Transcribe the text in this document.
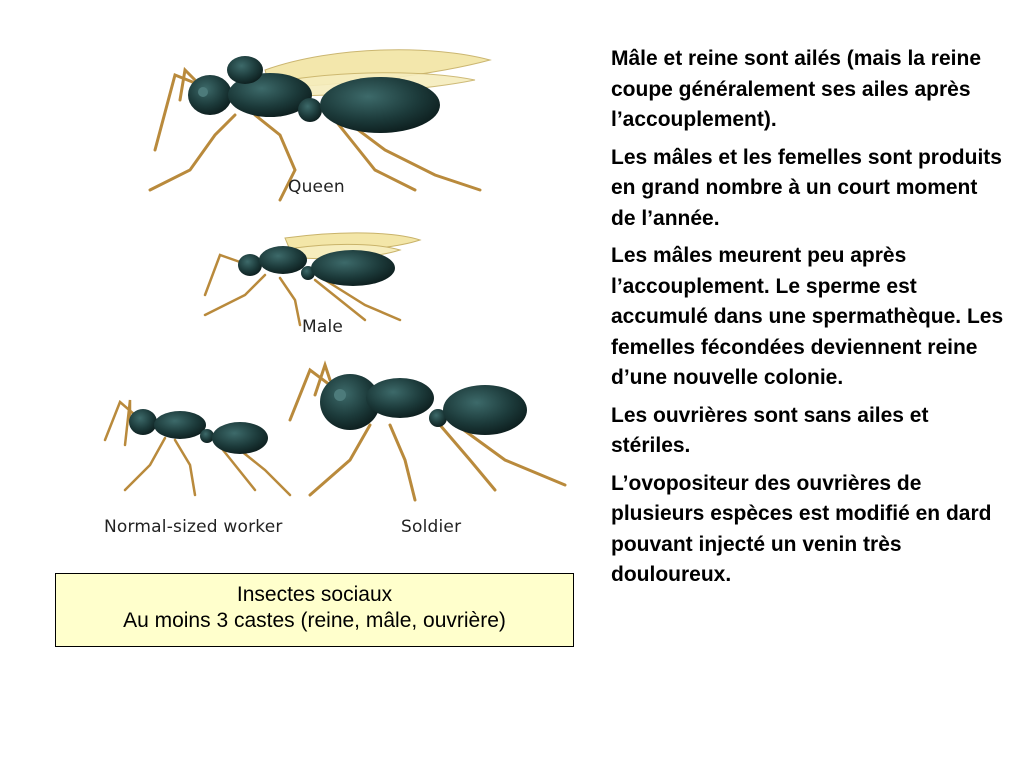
Queen
Male
Normal-sized worker	Soldier
Insectes sociaux
Au moins 3 castes (reine, mâle, ouvrière)

Mâle et reine sont ailés (mais la reine coupe généralement ses ailes après l’accouplement).

Les mâles et les femelles sont produits en grand nombre à un court moment de l’année.

Les mâles meurent peu après l’accouplement. Le sperme est accumulé dans une spermathèque. Les femelles fécondées deviennent reine d’une nouvelle colonie.

Les ouvrières sont sans ailes et stériles.

L’ovopositeur des ouvrières de plusieurs espèces est modifié en dard pouvant injecté un venin très douloureux.
